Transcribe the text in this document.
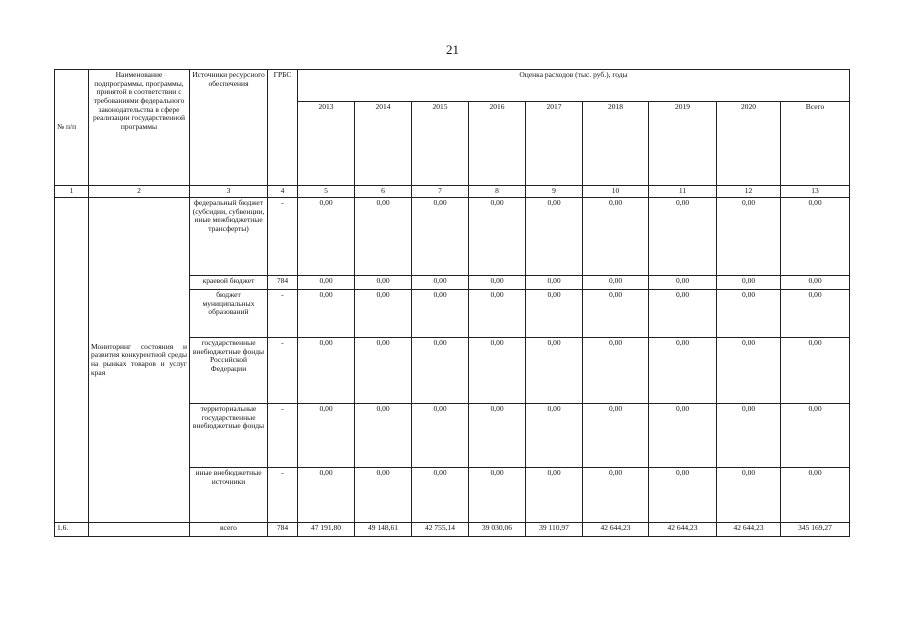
21
№ п/п	Наименование подпрограммы, программы, принятой в соответствии с требованиями федерального законодательства в сфере реализации государственной программы	Источники ресурсного обеспечения	ГРБС	Оценка расходов (тыс. руб.), годы								
				2013	2014	2015	2016	2017	2018	2019	2020	Всего
1	2	3	4	5	6	7	8	9	10	11	12	13

	Мониторинг состояния и развития конкурентной среды на рынках товаров и услуг края	федеральный бюджет (субсидии, субвенции, иные межбюджетные трансферты)	-	0,00	0,00	0,00	0,00	0,00	0,00	0,00	0,00	0,00
		краевой бюджет	784	0,00	0,00	0,00	0,00	0,00	0,00	0,00	0,00	0,00
		бюджет муниципальных образований	-	0,00	0,00	0,00	0,00	0,00	0,00	0,00	0,00	0,00
		государственные внебюджетные фонды Российской Федерации	-	0,00	0,00	0,00	0,00	0,00	0,00	0,00	0,00	0,00
		территориальные государственные внебюджетные фонды	-	0,00	0,00	0,00	0,00	0,00	0,00	0,00	0,00	0,00
		иные внебюджетные источники	-	0,00	0,00	0,00	0,00	0,00	0,00	0,00	0,00	0,00
1.6.		всего	784	47 191,80	49 148,61	42 755,14	39 030,06	39 110,97	42 644,23	42 644,23	42 644,23	345 169,27
